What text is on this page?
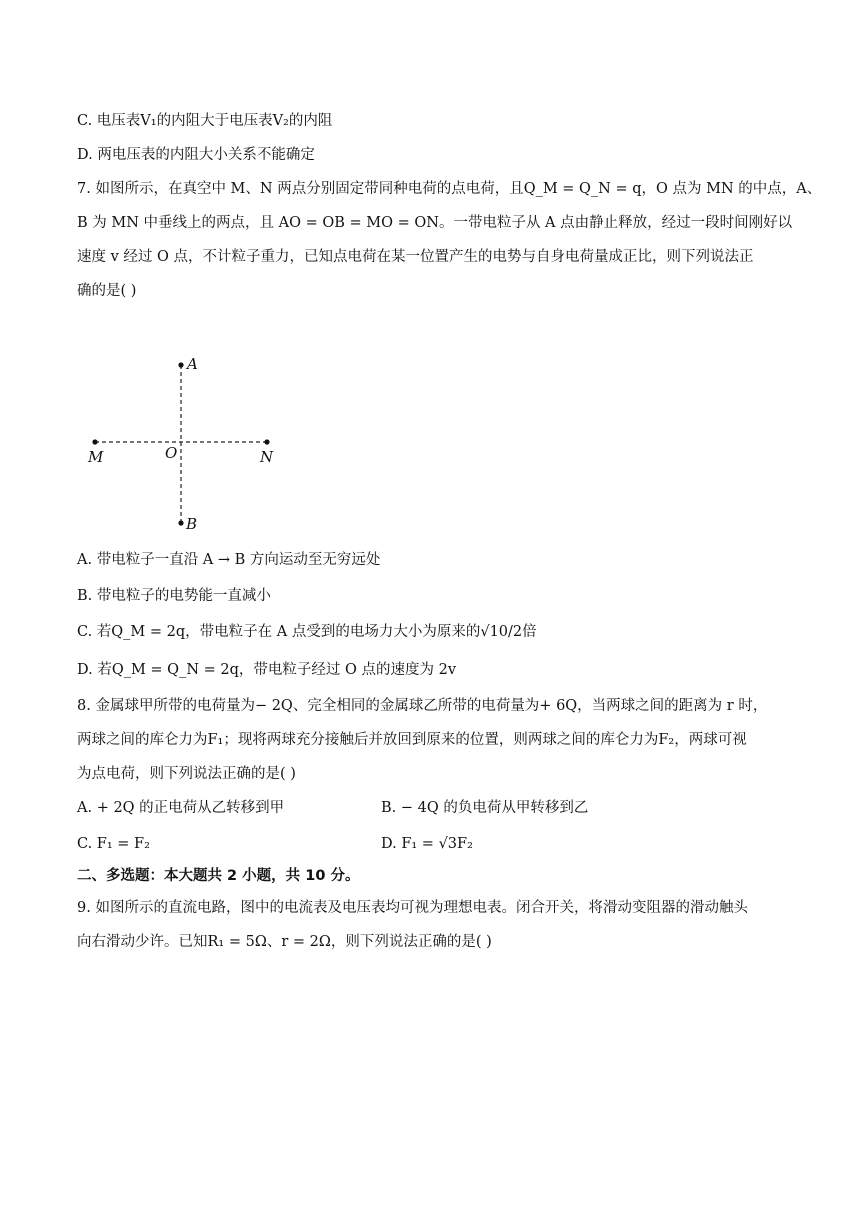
C. 电压表V₁的内阻大于电压表V₂的内阻
D. 两电压表的内阻大小关系不能确定
7. 如图所示，在真空中 M、N 两点分别固定带同种电荷的点电荷，且Q_M = Q_N = q，O 点为 MN 的中点，A、
B 为 MN 中垂线上的两点，且 AO = OB = MO = ON。一带电粒子从 A 点由静止释放，经过一段时间刚好以
速度 v 经过 O 点，不计粒子重力，已知点电荷在某一位置产生的电势与自身电荷量成正比，则下列说法正
确的是( )
A
M	O	N
B
A. 带电粒子一直沿 A → B 方向运动至无穷远处
B. 带电粒子的电势能一直减小
C. 若Q_M = 2q，带电粒子在 A 点受到的电场力大小为原来的√10/2倍
D. 若Q_M = Q_N = 2q，带电粒子经过 O 点的速度为 2v
8. 金属球甲所带的电荷量为− 2Q、完全相同的金属球乙所带的电荷量为+ 6Q，当两球之间的距离为 r 时，
两球之间的库仑力为F₁；现将两球充分接触后并放回到原来的位置，则两球之间的库仑力为F₂，两球可视
为点电荷，则下列说法正确的是( )
A. + 2Q 的正电荷从乙转移到甲	B. − 4Q 的负电荷从甲转移到乙
C. F₁ = F₂	D. F₁ = √3F₂
二、多选题：本大题共 2 小题，共 10 分。
9. 如图所示的直流电路，图中的电流表及电压表均可视为理想电表。闭合开关，将滑动变阻器的滑动触头
向右滑动少许。已知R₁ = 5Ω、r = 2Ω，则下列说法正确的是( )
